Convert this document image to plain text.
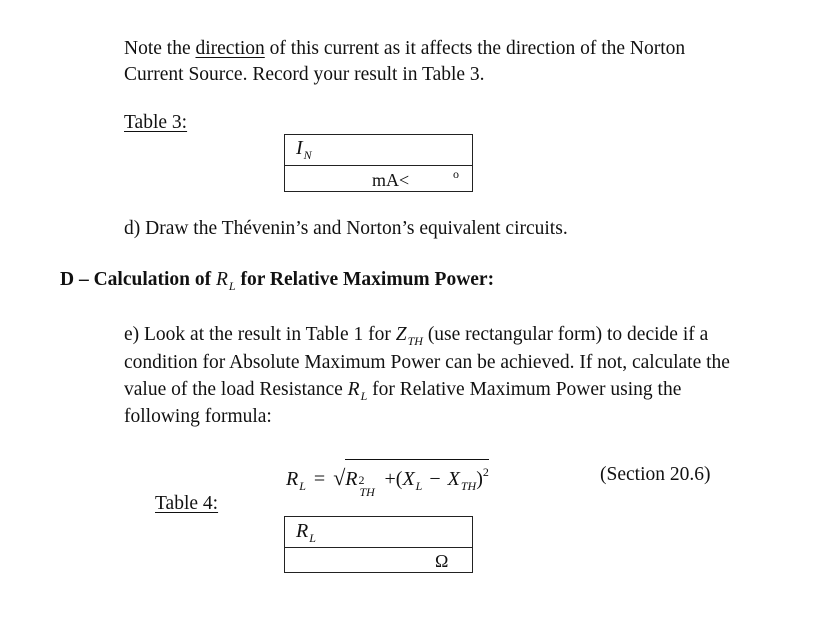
Note the direction of this current as it affects the direction of the Norton
Current Source. Record your result in Table 3.
Table 3:
$I_N$
mA<	o
d) Draw the Thévenin’s and Norton’s equivalent circuits.
D – Calculation of $R_L$ for Relative Maximum Power:
e) Look at the result in Table 1 for $Z_{TH}$ (use rectangular form) to decide if a
condition for Absolute Maximum Power can be achieved. If not, calculate the
value of the load Resistance $R_L$ for Relative Maximum Power using the
following formula:
$R_L = √R$ 2
TH
$+(X_L - X_{TH})^2$	(Section 20.6)
Table 4:
$R_L$
Ω
